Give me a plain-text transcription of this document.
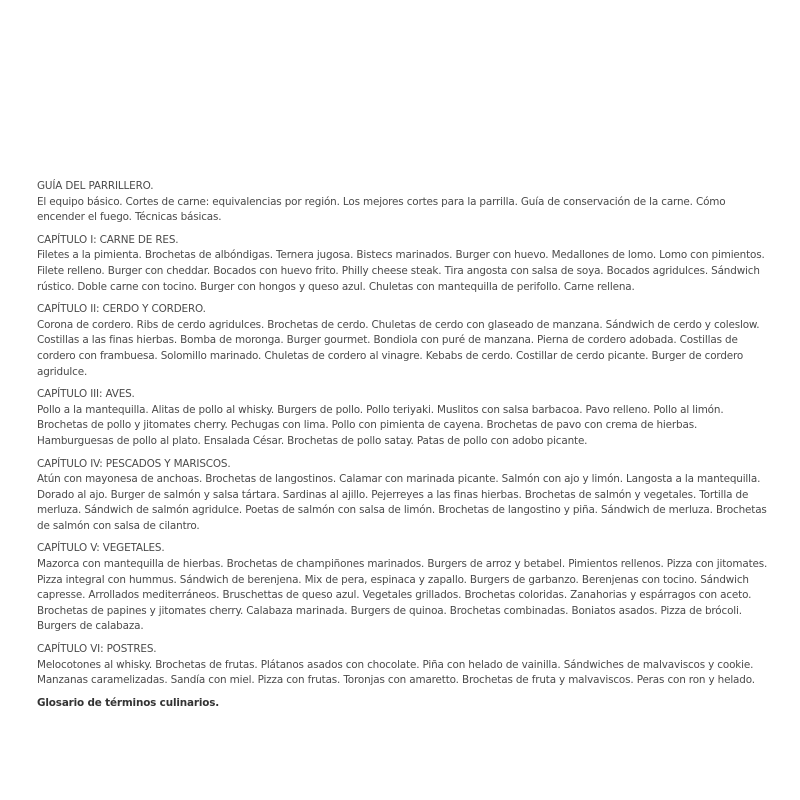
GUÍA DEL PARRILLERO.

El equipo básico. Cortes de carne: equivalencias por región. Los mejores cortes para la parrilla. Guía de conservación de la carne. Cómo encender el fuego. Técnicas básicas.

CAPÍTULO I: CARNE DE RES.

Filetes a la pimienta. Brochetas de albóndigas. Ternera jugosa. Bistecs marinados. Burger con huevo. Medallones de lomo. Lomo con pimientos. Filete relleno. Burger con cheddar. Bocados con huevo frito. Philly cheese steak. Tira angosta con salsa de soya. Bocados agridulces. Sándwich rústico. Doble carne con tocino. Burger con hongos y queso azul. Chuletas con mantequilla de perifollo. Carne rellena.

CAPÍTULO II: CERDO Y CORDERO.

Corona de cordero. Ribs de cerdo agridulces. Brochetas de cerdo. Chuletas de cerdo con glaseado de manzana. Sándwich de cerdo y coleslow. Costillas a las finas hierbas. Bomba de moronga. Burger gourmet. Bondiola con puré de manzana. Pierna de cordero adobada. Costillas de cordero con frambuesa. Solomillo marinado. Chuletas de cordero al vinagre. Kebabs de cerdo. Costillar de cerdo picante. Burger de cordero agridulce.

CAPÍTULO III: AVES.

Pollo a la mantequilla. Alitas de pollo al whisky. Burgers de pollo. Pollo teriyaki. Muslitos con salsa barbacoa. Pavo relleno. Pollo al limón. Brochetas de pollo y jitomates cherry. Pechugas con lima. Pollo con pimienta de cayena. Brochetas de pavo con crema de hierbas. Hamburguesas de pollo al plato. Ensalada César. Brochetas de pollo satay. Patas de pollo con adobo picante.

CAPÍTULO IV: PESCADOS Y MARISCOS.

Atún con mayonesa de anchoas. Brochetas de langostinos. Calamar con marinada picante. Salmón con ajo y limón. Langosta a la mantequilla. Dorado al ajo. Burger de salmón y salsa tártara. Sardinas al ajillo. Pejerreyes a las finas hierbas. Brochetas de salmón y vegetales. Tortilla de merluza. Sándwich de salmón agridulce. Poetas de salmón con salsa de limón. Brochetas de langostino y piña. Sándwich de merluza. Brochetas de salmón con salsa de cilantro.

CAPÍTULO V: VEGETALES.

Mazorca con mantequilla de hierbas. Brochetas de champiñones marinados. Burgers de arroz y betabel. Pimientos rellenos. Pizza con jitomates. Pizza integral con hummus. Sándwich de berenjena. Mix de pera, espinaca y zapallo. Burgers de garbanzo. Berenjenas con tocino. Sándwich capresse. Arrollados mediterráneos. Bruschettas de queso azul. Vegetales grillados. Brochetas coloridas. Zanahorias y espárragos con aceto. Brochetas de papines y jitomates cherry. Calabaza marinada. Burgers de quinoa. Brochetas combinadas. Boniatos asados. Pizza de brócoli. Burgers de calabaza.

CAPÍTULO VI: POSTRES.

Melocotones al whisky. Brochetas de frutas. Plátanos asados con chocolate. Piña con helado de vainilla. Sándwiches de malvaviscos y cookie. Manzanas caramelizadas. Sandía con miel. Pizza con frutas. Toronjas con amaretto. Brochetas de fruta y malvaviscos. Peras con ron y helado.

Glosario de términos culinarios.
